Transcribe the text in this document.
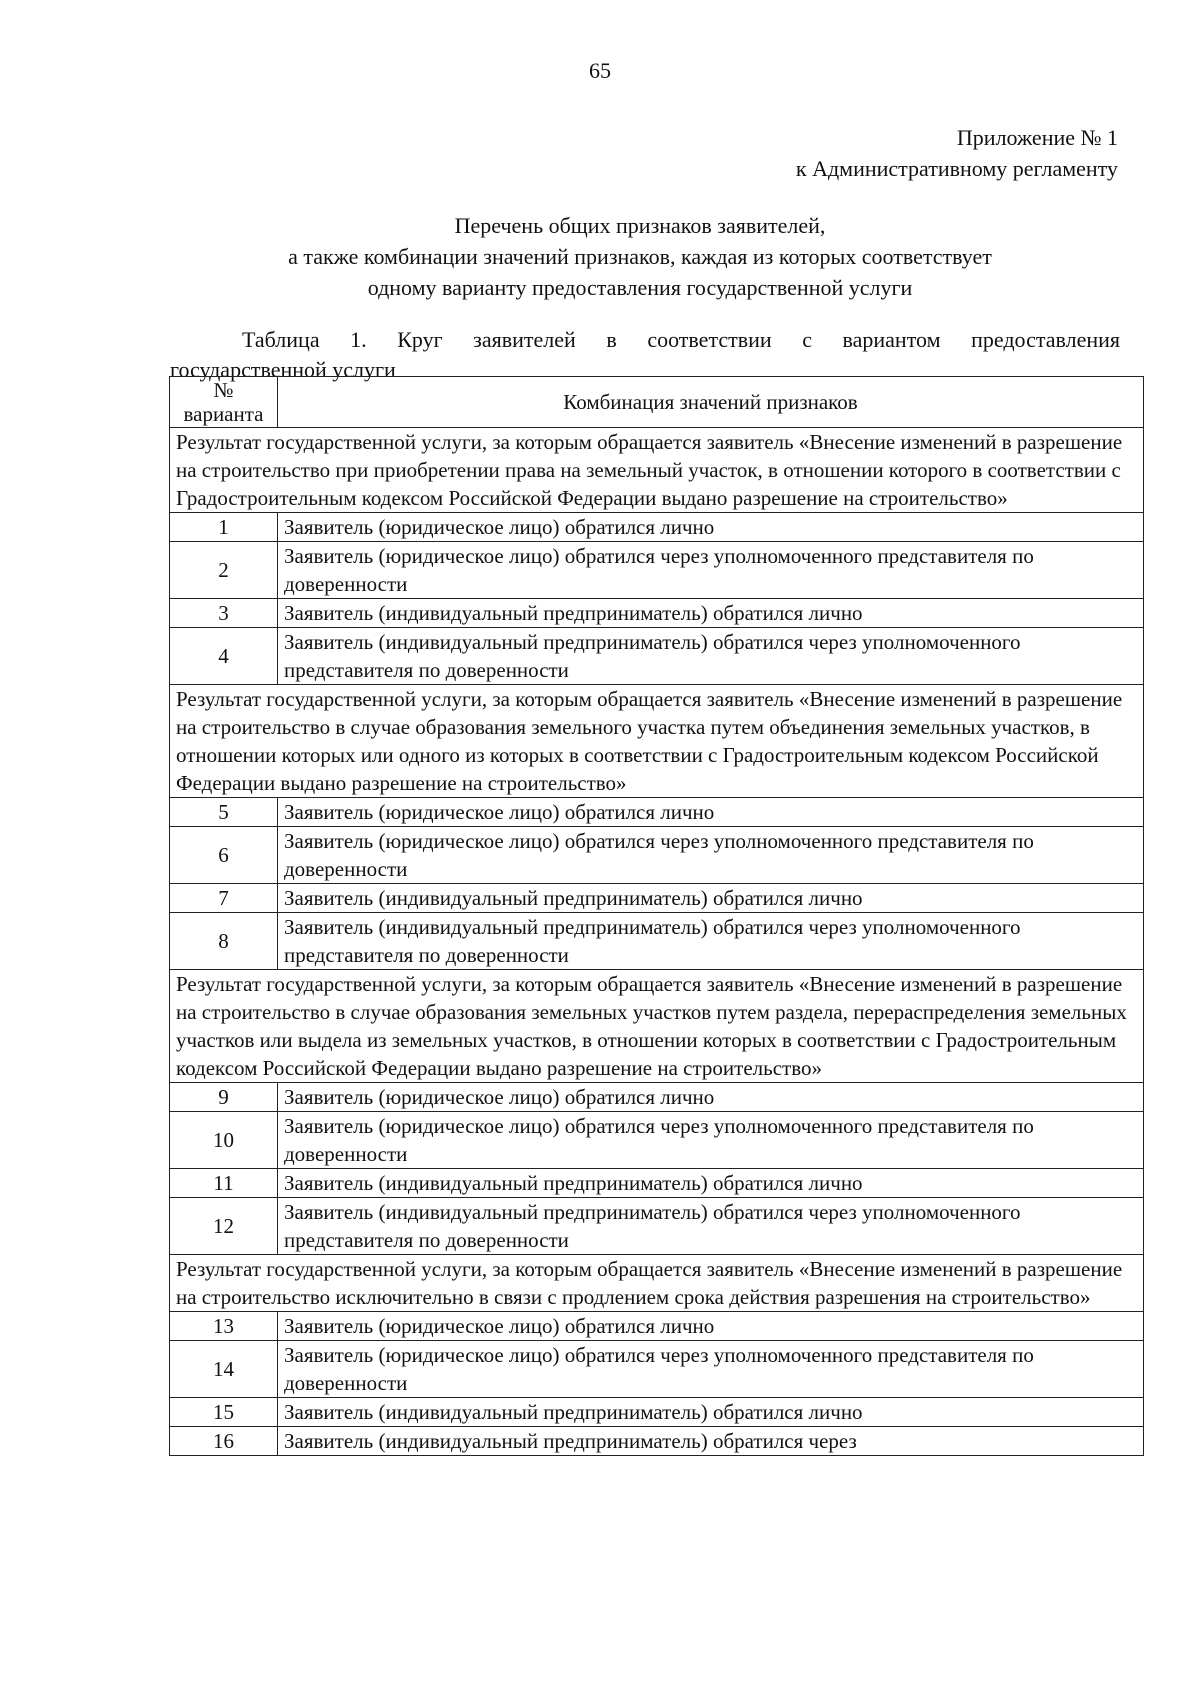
65
Приложение № 1
к Административному регламенту
Перечень общих признаков заявителей,
а также комбинации значений признаков, каждая из которых соответствует
одному варианту предоставления государственной услуги
Таблица 1. Круг заявителей в соответствии с вариантом предоставления
государственной услуги
№
варианта	Комбинация значений признаков
Результат государственной услуги, за которым обращается заявитель «Внесение изменений в разрешение на строительство при приобретении права на земельный участок, в отношении которого в соответствии с Градостроительным кодексом Российской Федерации выдано разрешение на строительство»	
1	Заявитель (юридическое лицо) обратился лично
2	Заявитель (юридическое лицо) обратился через уполномоченного представителя по доверенности
3	Заявитель (индивидуальный предприниматель) обратился лично
4	Заявитель (индивидуальный предприниматель) обратился через уполномоченного представителя по доверенности
Результат государственной услуги, за которым обращается заявитель «Внесение изменений в разрешение на строительство в случае образования земельного участка путем объединения земельных участков, в отношении которых или одного из которых в соответствии с Градостроительным кодексом Российской Федерации выдано разрешение на строительство»	
5	Заявитель (юридическое лицо) обратился лично
6	Заявитель (юридическое лицо) обратился через уполномоченного представителя по доверенности
7	Заявитель (индивидуальный предприниматель) обратился лично
8	Заявитель (индивидуальный предприниматель) обратился через уполномоченного представителя по доверенности
Результат государственной услуги, за которым обращается заявитель «Внесение изменений в разрешение на строительство в случае образования земельных участков путем раздела, перераспределения земельных участков или выдела из земельных участков, в отношении которых в соответствии с Градостроительным кодексом Российской Федерации выдано разрешение на строительство»	
9	Заявитель (юридическое лицо) обратился лично
10	Заявитель (юридическое лицо) обратился через уполномоченного представителя по доверенности
11	Заявитель (индивидуальный предприниматель) обратился лично
12	Заявитель (индивидуальный предприниматель) обратился через уполномоченного представителя по доверенности
Результат государственной услуги, за которым обращается заявитель «Внесение изменений в разрешение на строительство исключительно в связи с продлением срока действия разрешения на строительство»	
13	Заявитель (юридическое лицо) обратился лично
14	Заявитель (юридическое лицо) обратился через уполномоченного представителя по доверенности
15	Заявитель (индивидуальный предприниматель) обратился лично
16	Заявитель (индивидуальный предприниматель) обратился через
